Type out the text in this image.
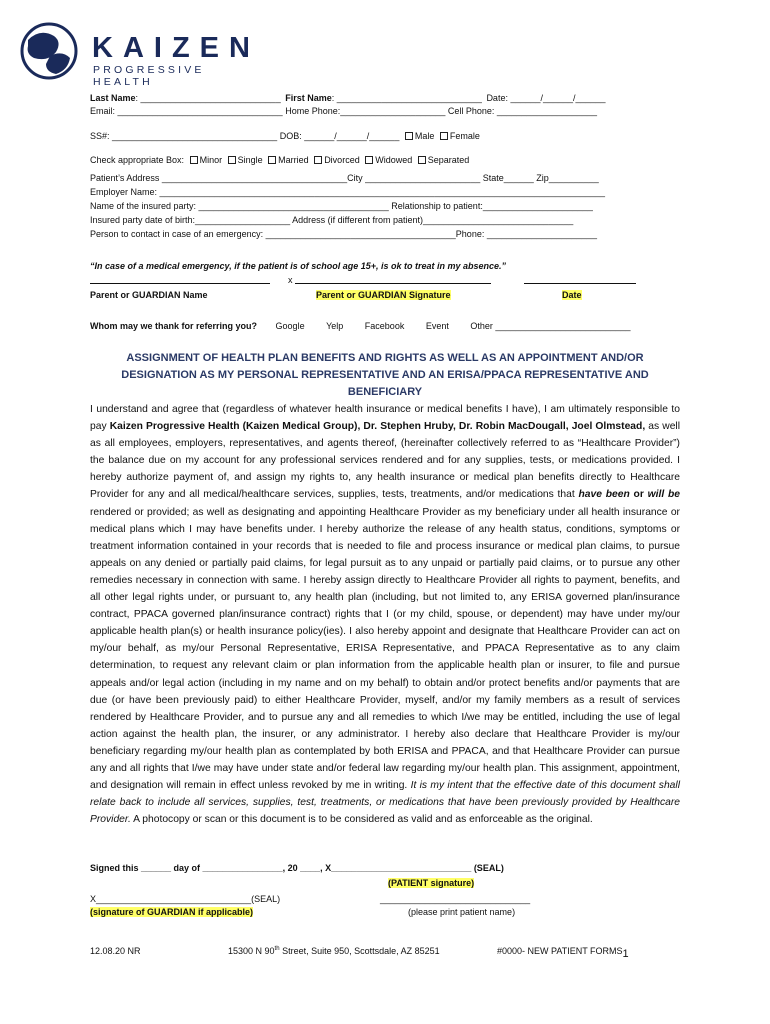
KAIZEN
PROGRESSIVE HEALTH
Last Name: ____________________________ First Name: _____________________________ Date: ______/______/______
Email: _________________________________ Home Phone:_____________________ Cell Phone: ____________________
SS#: _________________________________ DOB: ______/______/______ Male Female
Check appropriate Box: Minor Single Married Divorced Widowed Separated
Patient’s Address _____________________________________City _______________________ State______ Zip__________
Employer Name: _________________________________________________________________________________________
Name of the insured party: ______________________________________ Relationship to patient:______________________
Insured party date of birth:___________________ Address (if different from patient)______________________________
Person to contact in case of an emergency: ______________________________________Phone: ______________________
“In case of a medical emergency, if the patient is of school age 15+, is ok to treat in my absence.”
x
Parent or GUARDIAN Name	Parent or GUARDIAN Signature	Date
Whom may we thank for referring you? Google Yelp Facebook Event Other ___________________________
ASSIGNMENT OF HEALTH PLAN BENEFITS AND RIGHTS AS WELL AS AN APPOINTMENT AND/OR DESIGNATION AS MY PERSONAL REPRESENTATIVE AND AN ERISA/PPACA REPRESENTATIVE AND BENEFICIARY
I understand and agree that (regardless of whatever health insurance or medical benefits I have), I am ultimately responsible to pay Kaizen Progressive Health (Kaizen Medical Group), Dr. Stephen Hruby, Dr. Robin MacDougall, Joel Olmstead, as well as all employees, employers, representatives, and agents thereof, (hereinafter collectively referred to as “Healthcare Provider”) the balance due on my account for any professional services rendered and for any supplies, tests, or medications provided. I hereby authorize payment of, and assign my rights to, any health insurance or medical plan benefits directly to Healthcare Provider for any and all medical/healthcare services, supplies, tests, treatments, and/or medications that have been or will be rendered or provided; as well as designating and appointing Healthcare Provider as my beneficiary under all health insurance or medical plans which I may have benefits under. I hereby authorize the release of any health status, conditions, symptoms or treatment information contained in your records that is needed to file and process insurance or medical plan claims, to pursue appeals on any denied or partially paid claims, for legal pursuit as to any unpaid or partially paid claims, or to pursue any other remedies necessary in connection with same. I hereby assign directly to Healthcare Provider all rights to payment, benefits, and all other legal rights under, or pursuant to, any health plan (including, but not limited to, any ERISA governed plan/insurance contract, PPACA governed plan/insurance contract) rights that I (or my child, spouse, or dependent) may have under my/our applicable health plan(s) or health insurance policy(ies). I also hereby appoint and designate that Healthcare Provider can act on my/our behalf, as my/our Personal Representative, ERISA Representative, and PPACA Representative as to any claim determination, to request any relevant claim or plan information from the applicable health plan or insurer, to file and pursue appeals and/or legal action (including in my name and on my behalf) to obtain and/or protect benefits and/or payments that are due (or have been previously paid) to either Healthcare Provider, myself, and/or my family members as a result of services rendered by Healthcare Provider, and to pursue any and all remedies to which I/we may be entitled, including the use of legal action against the health plan, the insurer, or any administrator. I hereby also declare that Healthcare Provider is my/our beneficiary regarding my/our health plan as contemplated by both ERISA and PPACA, and that Healthcare Provider can pursue any and all rights that I/we may have under state and/or federal law regarding my/our health plan. This assignment, appointment, and designation will remain in effect unless revoked by me in writing. It is my intent that the effective date of this document shall relate back to include all services, supplies, test, treatments, or medications that have been previously provided by Healthcare Provider. A photocopy or scan or this document is to be considered as valid and as enforceable as the original.
Signed this ______ day of ________________, 20 ____, X____________________________ (SEAL)
(PATIENT signature)
X_______________________________(SEAL)	______________________________
(signature of GUARDIAN if applicable)	(please print patient name)
12.08.20 NR	15300 N 90th Street, Suite 950, Scottsdale, AZ 85251	#0000- NEW PATIENT FORMS1
